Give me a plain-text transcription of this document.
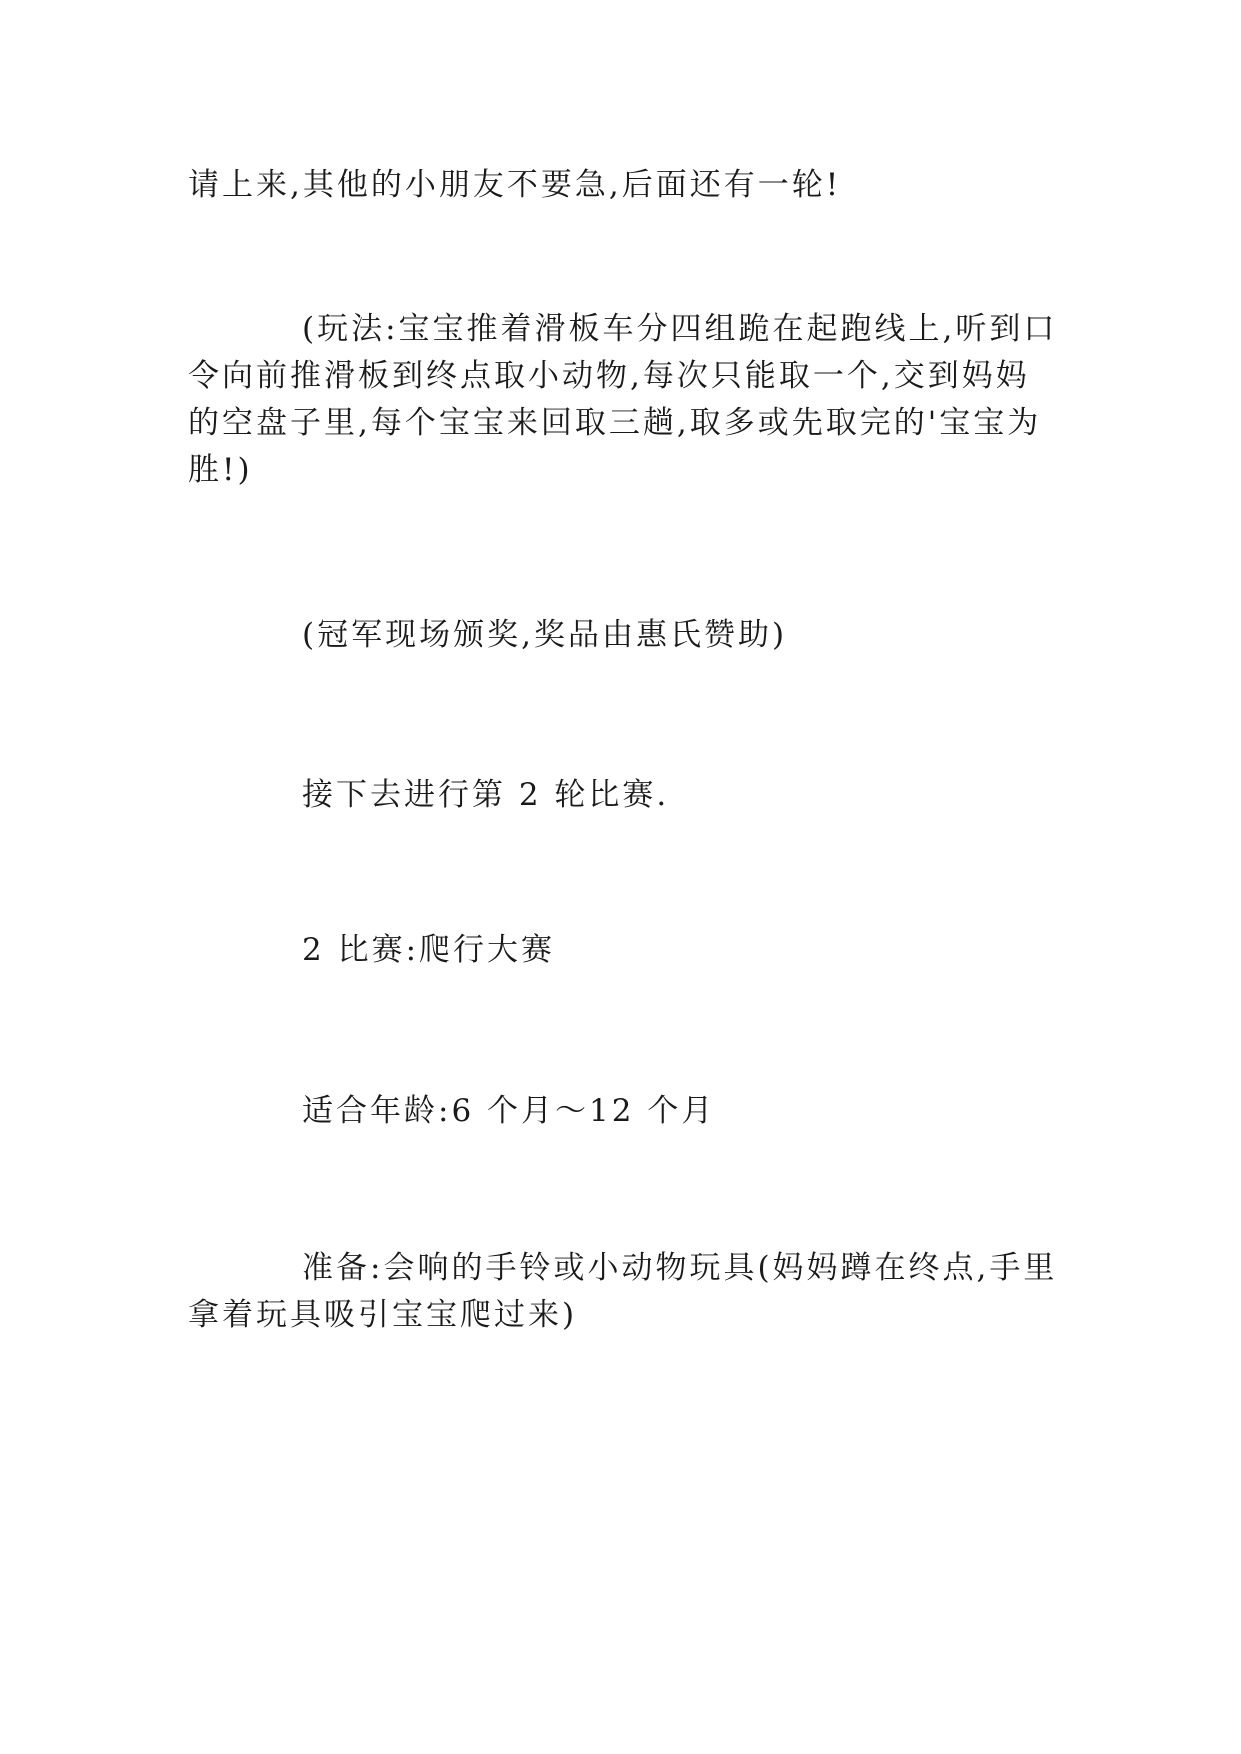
请上来,其他的小朋友不要急,后面还有一轮!

(玩法:宝宝推着滑板车分四组跪在起跑线上,听到口令向前推滑板到终点取小动物,每次只能取一个,交到妈妈的空盘子里,每个宝宝来回取三趟,取多或先取完的'宝宝为胜!)

(冠军现场颁奖,奖品由惠氏赞助)

接下去进行第 2 轮比赛.

2 比赛:爬行大赛

适合年龄:6 个月～12 个月

准备:会响的手铃或小动物玩具(妈妈蹲在终点,手里拿着玩具吸引宝宝爬过来)
